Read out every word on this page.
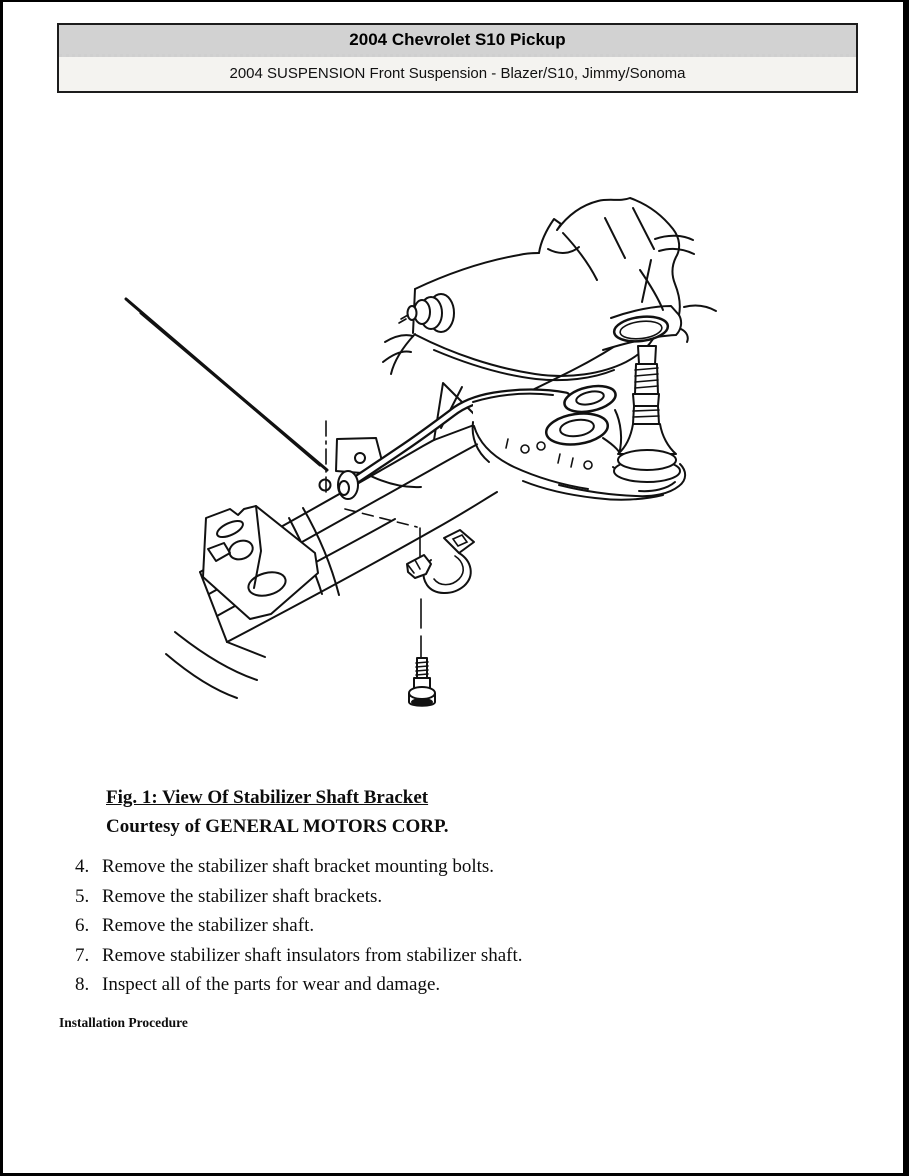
2004 Chevrolet S10 Pickup
2004 SUSPENSION Front Suspension - Blazer/S10, Jimmy/Sonoma
Fig. 1: View Of Stabilizer Shaft Bracket
Courtesy of GENERAL MOTORS CORP.
4. Remove the stabilizer shaft bracket mounting bolts.
5. Remove the stabilizer shaft brackets.
6. Remove the stabilizer shaft.
7. Remove stabilizer shaft insulators from stabilizer shaft.
8. Inspect all of the parts for wear and damage.
Installation Procedure
